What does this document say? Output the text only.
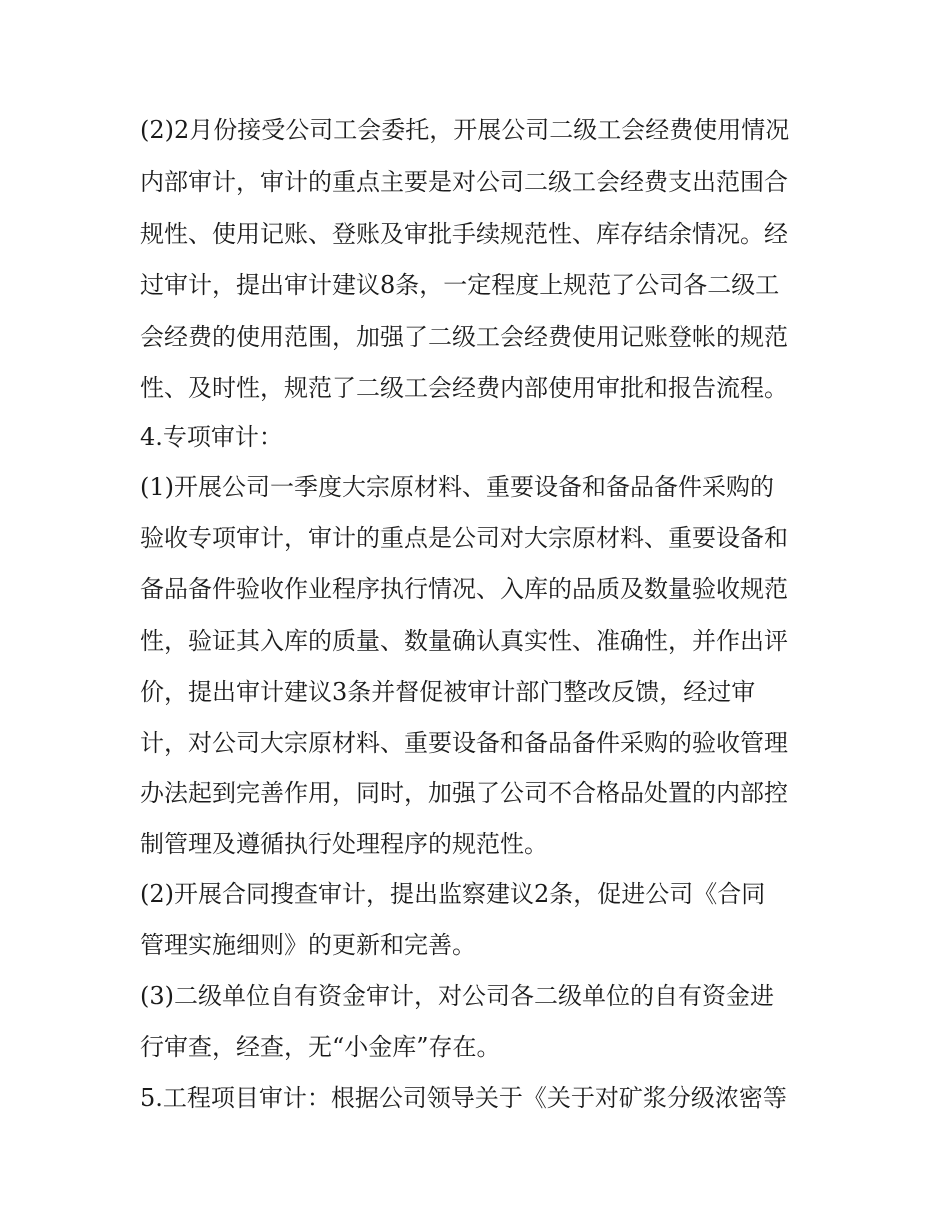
(2)2月份接受公司工会委托，开展公司二级工会经费使用情况
内部审计，审计的重点主要是对公司二级工会经费支出范围合
规性、使用记账、登账及审批手续规范性、库存结余情况。经
过审计，提出审计建议8条，一定程度上规范了公司各二级工
会经费的使用范围，加强了二级工会经费使用记账登帐的规范
性、及时性，规范了二级工会经费内部使用审批和报告流程。
4.专项审计：
(1)开展公司一季度大宗原材料、重要设备和备品备件采购的
验收专项审计，审计的重点是公司对大宗原材料、重要设备和
备品备件验收作业程序执行情况、入库的品质及数量验收规范
性，验证其入库的质量、数量确认真实性、准确性，并作出评
价，提出审计建议3条并督促被审计部门整改反馈，经过审
计，对公司大宗原材料、重要设备和备品备件采购的验收管理
办法起到完善作用，同时，加强了公司不合格品处置的内部控
制管理及遵循执行处理程序的规范性。
(2)开展合同搜查审计，提出监察建议2条，促进公司《合同
管理实施细则》的更新和完善。
(3)二级单位自有资金审计，对公司各二级单位的自有资金进
行审查，经查，无“小金库”存在。
5.工程项目审计：根据公司领导关于《关于对矿浆分级浓密等
